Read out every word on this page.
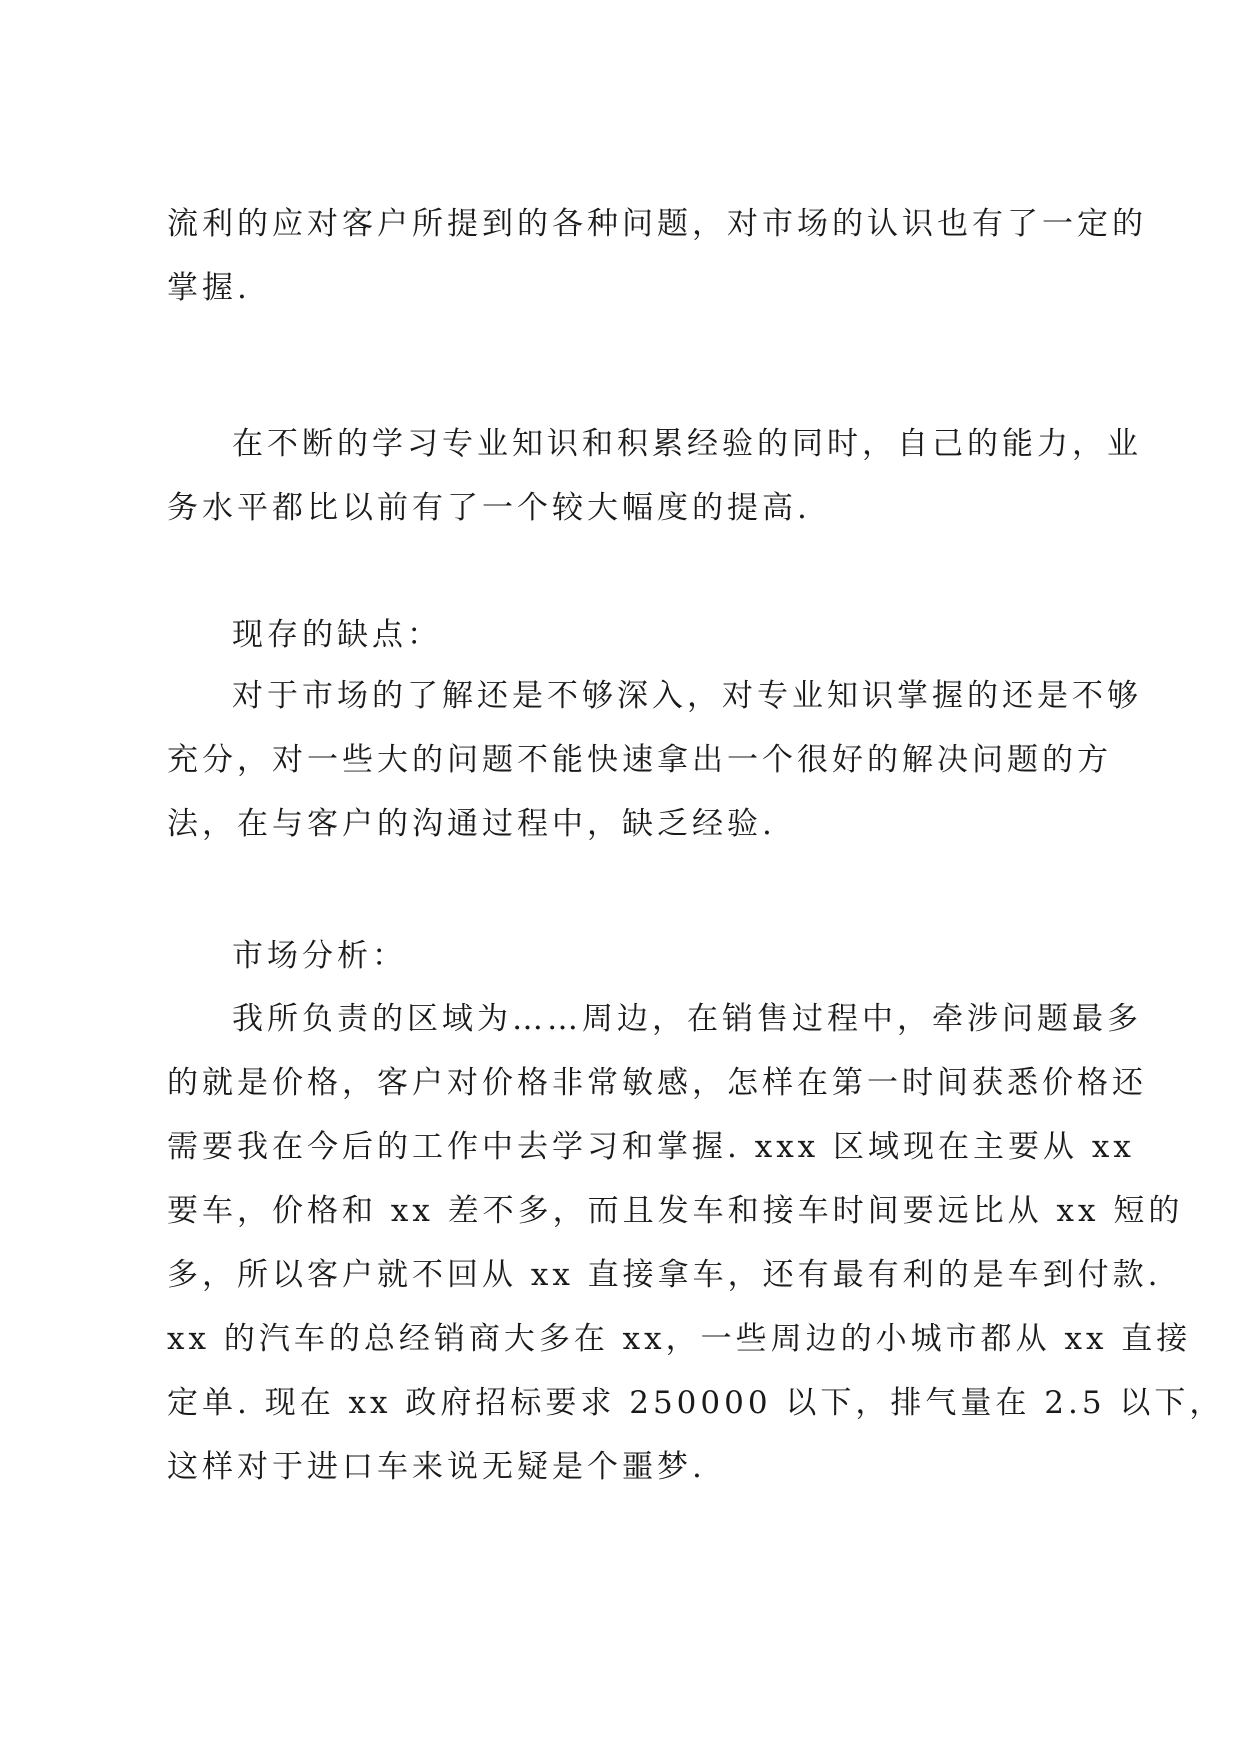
流利的应对客户所提到的各种问题，对市场的认识也有了一定的
掌握.
在不断的学习专业知识和积累经验的同时，自己的能力，业
务水平都比以前有了一个较大幅度的提高.
现存的缺点：
对于市场的了解还是不够深入，对专业知识掌握的还是不够
充分，对一些大的问题不能快速拿出一个很好的解决问题的方
法，在与客户的沟通过程中，缺乏经验.
市场分析：
我所负责的区域为……周边，在销售过程中，牵涉问题最多
的就是价格，客户对价格非常敏感，怎样在第一时间获悉价格还
需要我在今后的工作中去学习和掌握. xxx 区域现在主要从 xx
要车，价格和 xx 差不多，而且发车和接车时间要远比从 xx 短的
多，所以客户就不回从 xx 直接拿车，还有最有利的是车到付款.
xx 的汽车的总经销商大多在 xx，一些周边的小城市都从 xx 直接
定单. 现在 xx 政府招标要求 250000 以下，排气量在 2.5 以下，
这样对于进口车来说无疑是个噩梦.
